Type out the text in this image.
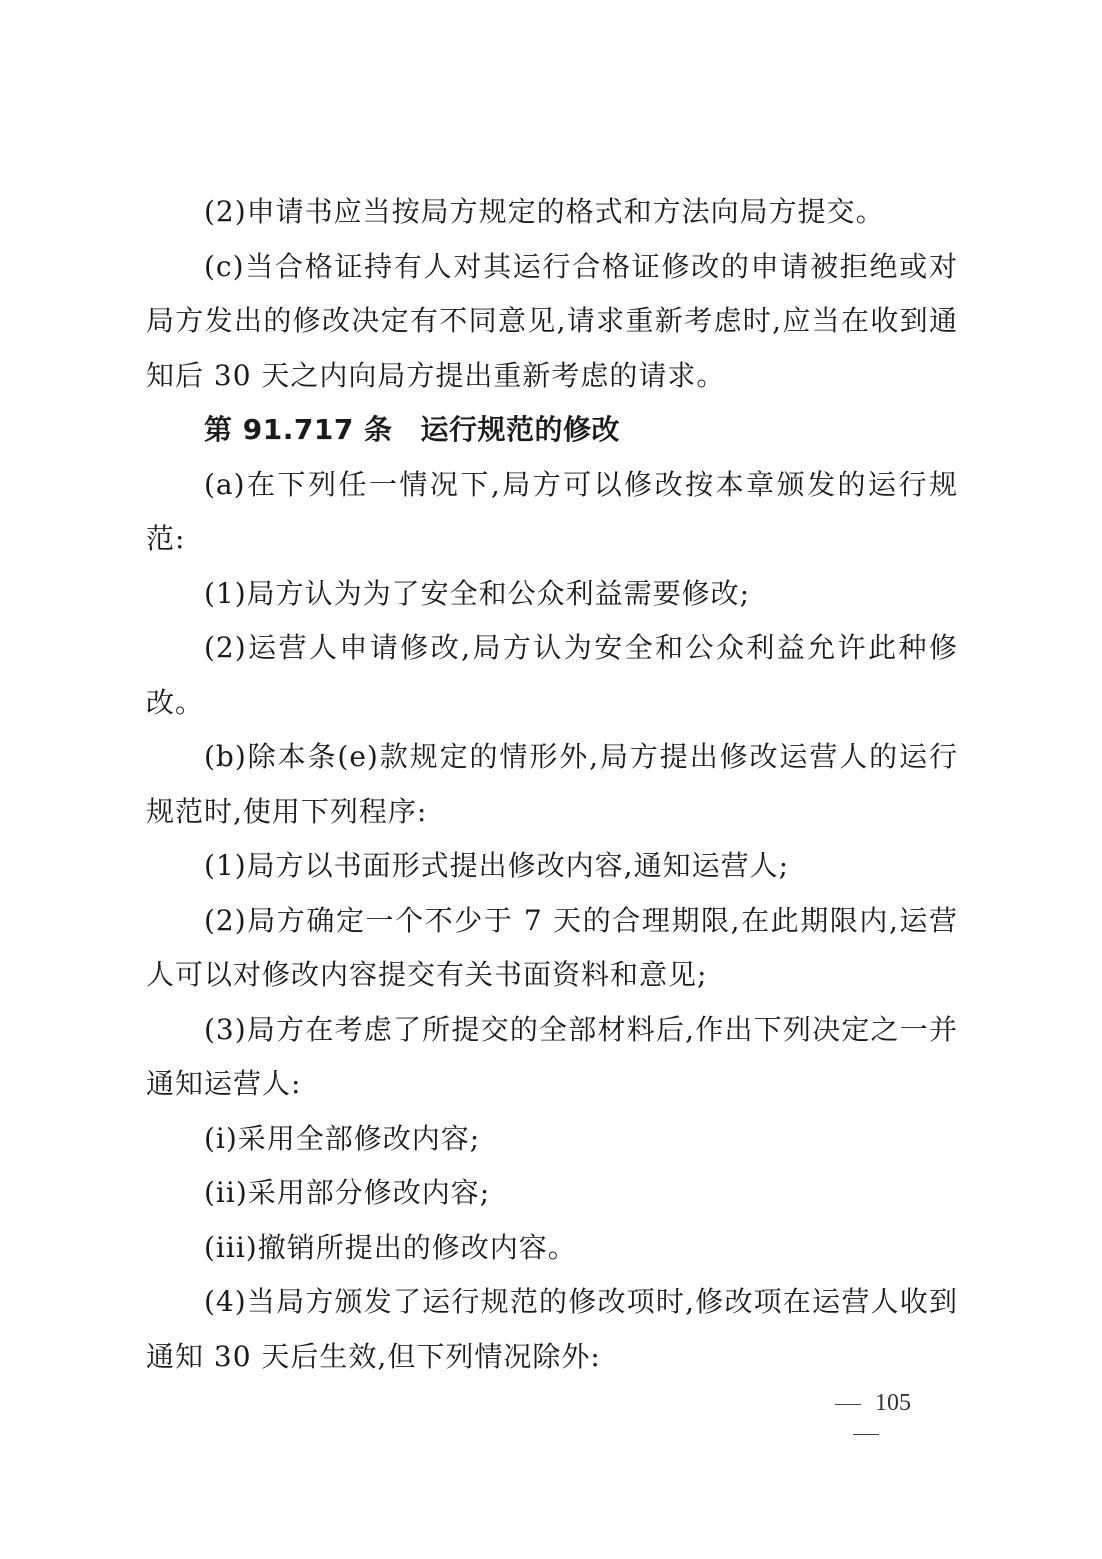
(2)申请书应当按局方规定的格式和方法向局方提交。
(c)当合格证持有人对其运行合格证修改的申请被拒绝或对
局方发出的修改决定有不同意见,请求重新考虑时,应当在收到通
知后 30 天之内向局方提出重新考虑的请求。
第 91.717 条 运行规范的修改
(a)在下列任一情况下,局方可以修改按本章颁发的运行规
范:
(1)局方认为为了安全和公众利益需要修改;
(2)运营人申请修改,局方认为安全和公众利益允许此种修
改。
(b)除本条(e)款规定的情形外,局方提出修改运营人的运行
规范时,使用下列程序:
(1)局方以书面形式提出修改内容,通知运营人;
(2)局方确定一个不少于 7 天的合理期限,在此期限内,运营
人可以对修改内容提交有关书面资料和意见;
(3)局方在考虑了所提交的全部材料后,作出下列决定之一并
通知运营人:
(i)采用全部修改内容;
(ii)采用部分修改内容;
(iii)撤销所提出的修改内容。
(4)当局方颁发了运行规范的修改项时,修改项在运营人收到
通知 30 天后生效,但下列情况除外:
105
